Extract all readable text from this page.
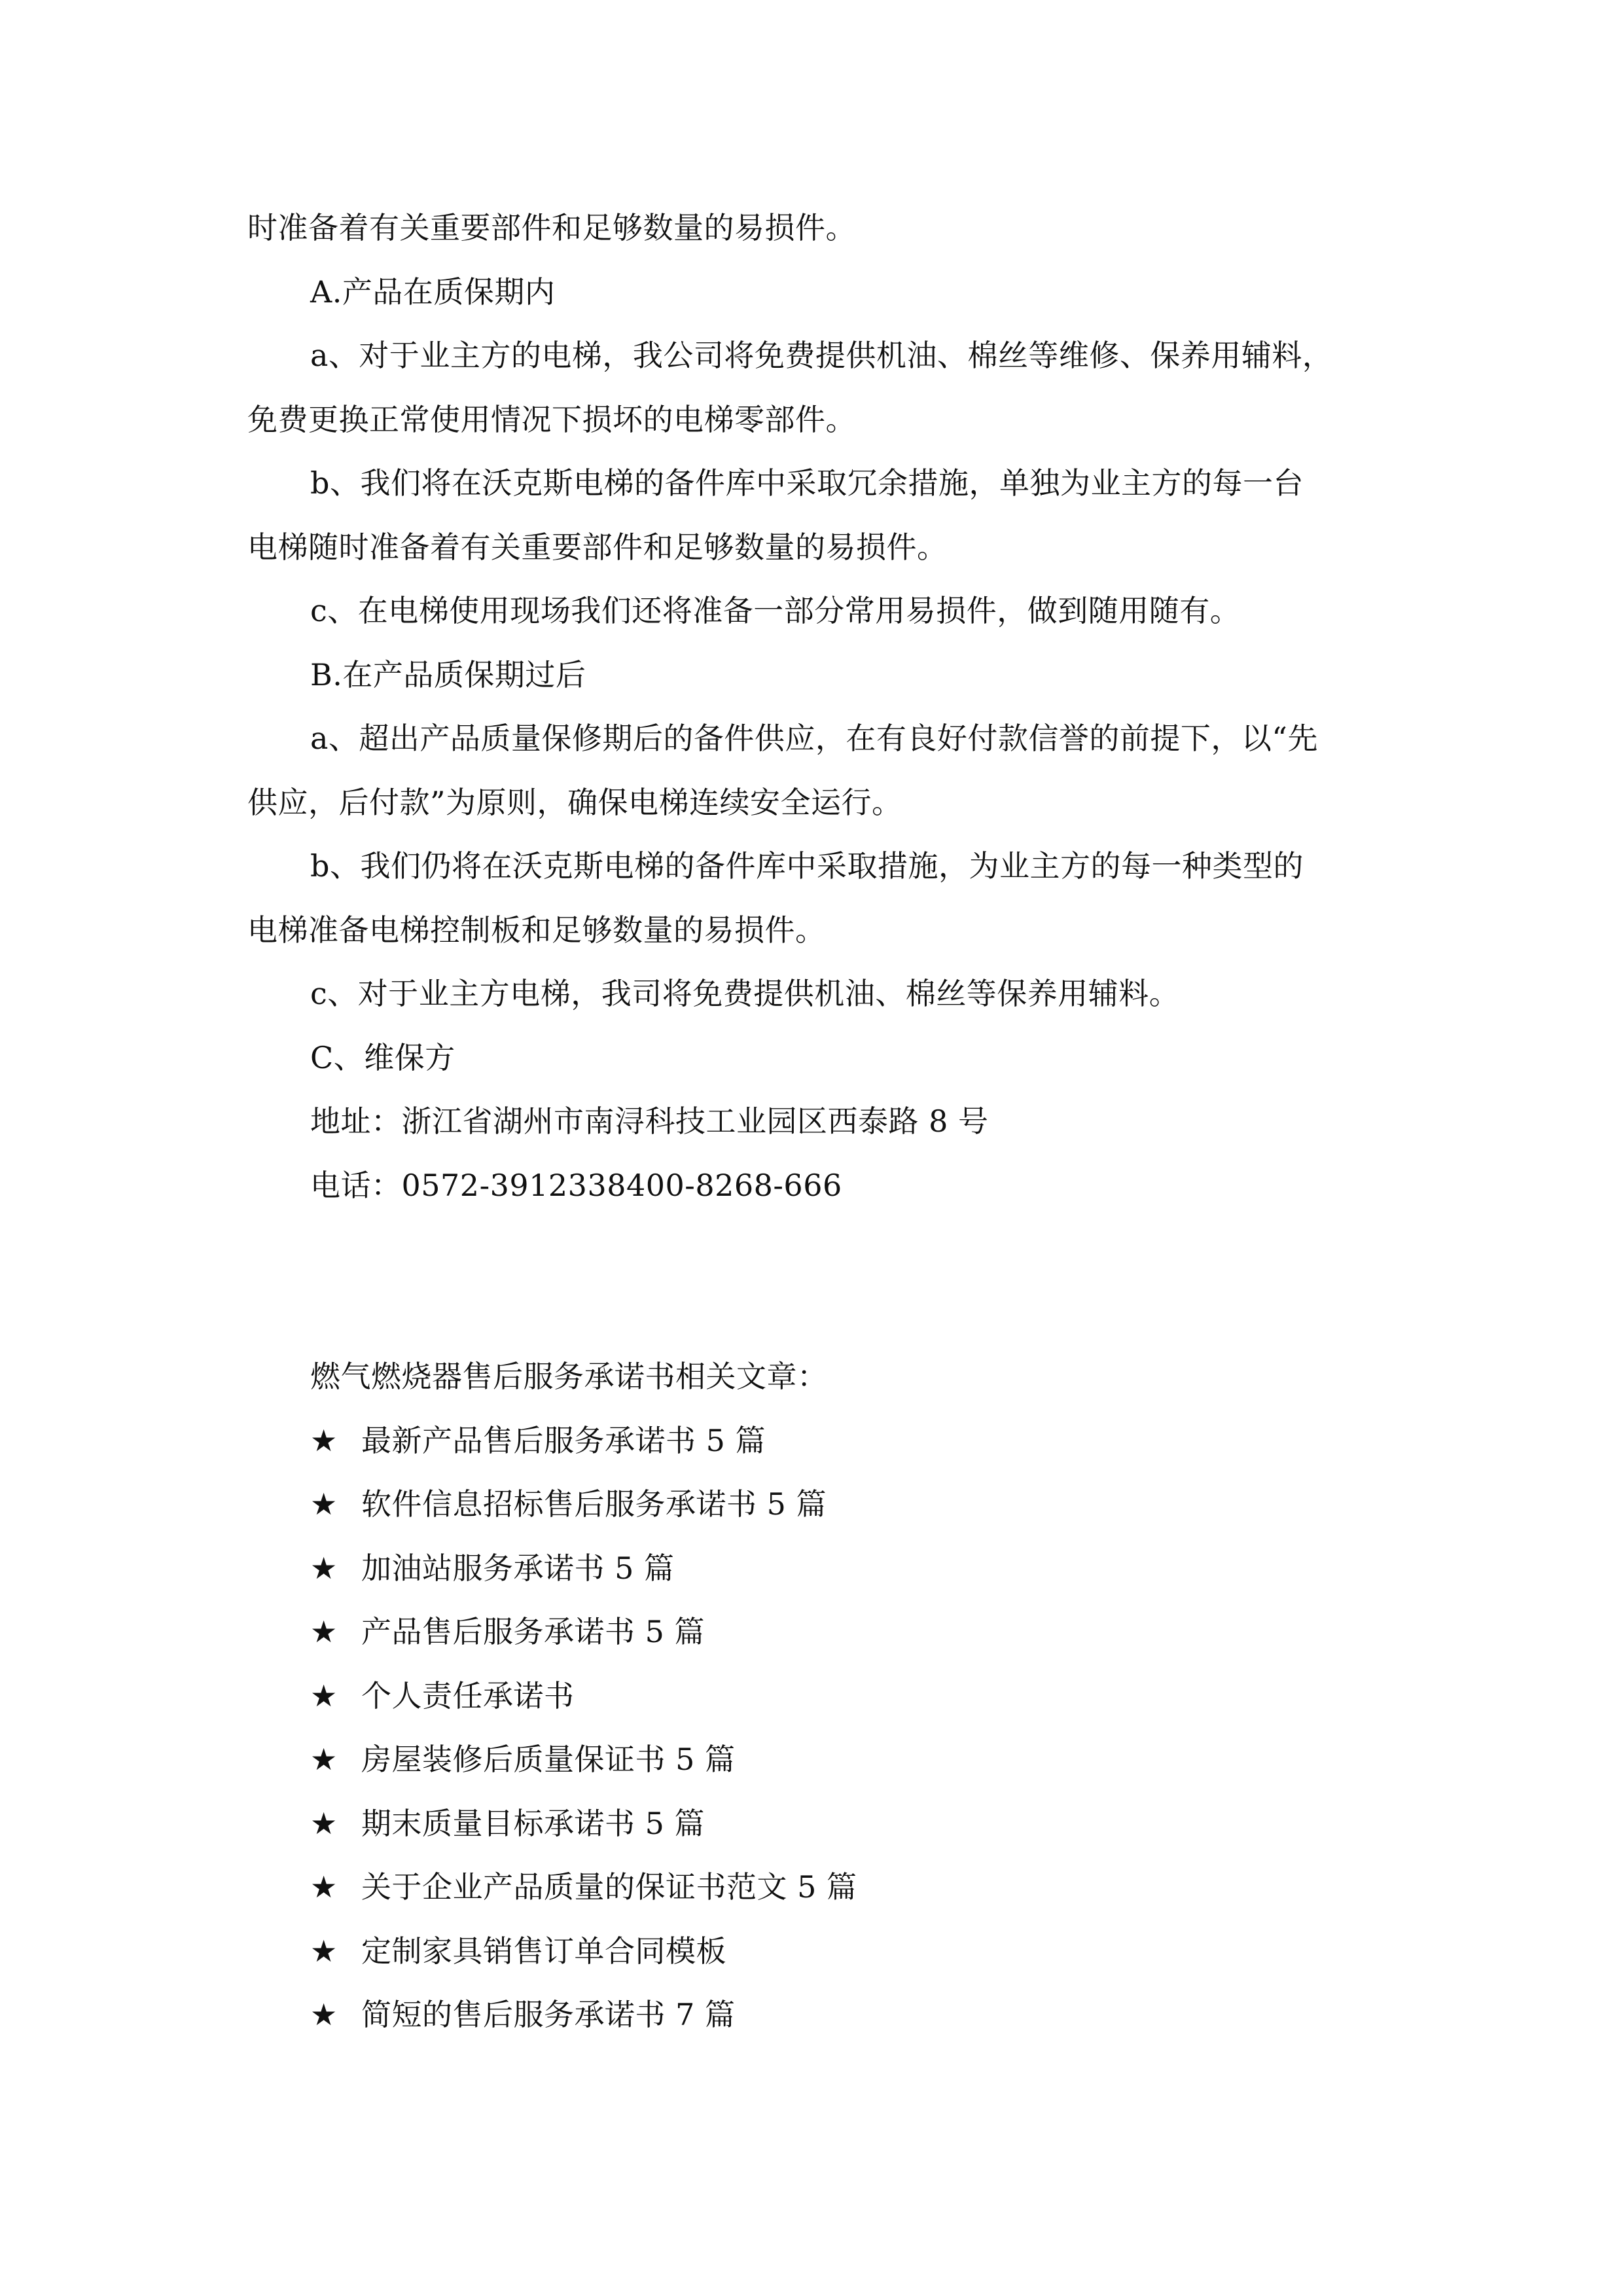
时准备着有关重要部件和足够数量的易损件。
A.产品在质保期内
a、对于业主方的电梯，我公司将免费提供机油、棉丝等维修、保养用辅料，
免费更换正常使用情况下损坏的电梯零部件。
b、我们将在沃克斯电梯的备件库中采取冗余措施，单独为业主方的每一台
电梯随时准备着有关重要部件和足够数量的易损件。
c、在电梯使用现场我们还将准备一部分常用易损件，做到随用随有。
B.在产品质保期过后
a、超出产品质量保修期后的备件供应，在有良好付款信誉的前提下，以“先
供应，后付款”为原则，确保电梯连续安全运行。
b、我们仍将在沃克斯电梯的备件库中采取措施，为业主方的每一种类型的
电梯准备电梯控制板和足够数量的易损件。
c、对于业主方电梯，我司将免费提供机油、棉丝等保养用辅料。
C、维保方
地址：浙江省湖州市南浔科技工业园区西泰路 8 号
电话：0572-3912338400-8268-666
燃气燃烧器售后服务承诺书相关文章：
★ 最新产品售后服务承诺书 5 篇
★ 软件信息招标售后服务承诺书 5 篇
★ 加油站服务承诺书 5 篇
★ 产品售后服务承诺书 5 篇
★ 个人责任承诺书
★ 房屋装修后质量保证书 5 篇
★ 期末质量目标承诺书 5 篇
★ 关于企业产品质量的保证书范文 5 篇
★ 定制家具销售订单合同模板
★ 简短的售后服务承诺书 7 篇
